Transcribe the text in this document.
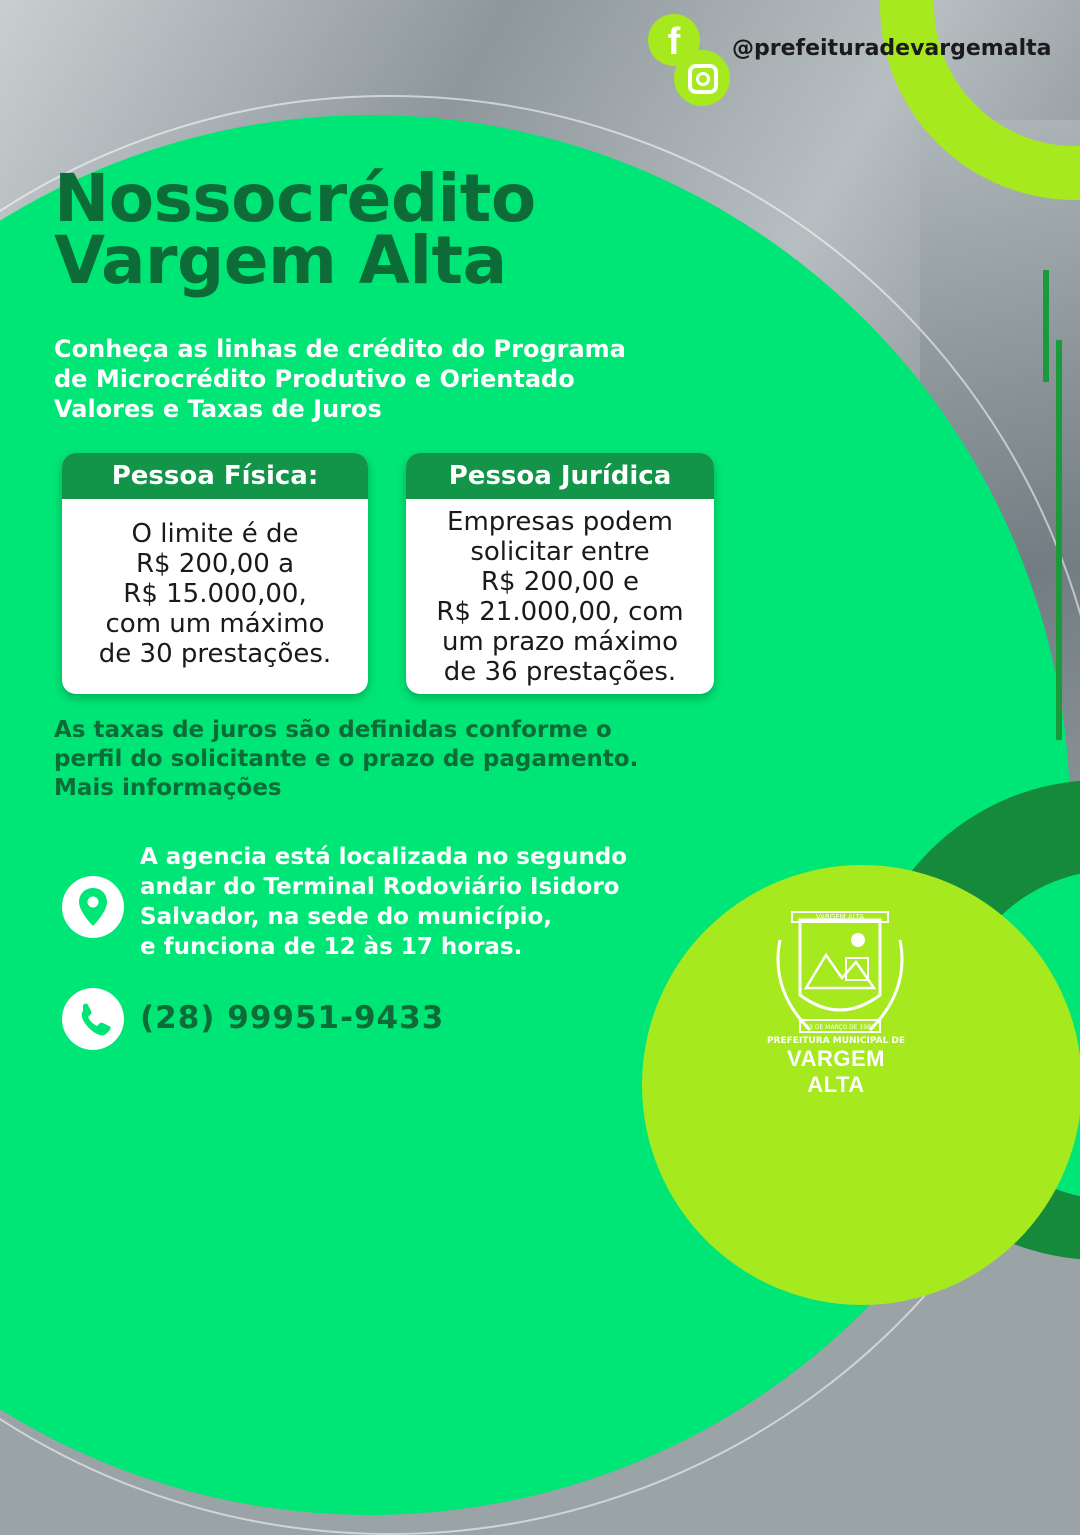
f	@prefeituradevargemalta
Nossocrédito
Vargem Alta

Conheça as linhas de crédito do Programa
de Microcrédito Produtivo e Orientado
Valores e Taxas de Juros

Pessoa Física:
O limite é de
R$ 200,00 a
R$ 15.000,00,
com um máximo
de 30 prestações.
Pessoa Jurídica
Empresas podem
solicitar entre
R$ 200,00 e
R$ 21.000,00, com
um prazo máximo
de 36 prestações.

As taxas de juros são definidas conforme o
perfil do solicitante e o prazo de pagamento.
Mais informações

A agencia está localizada no segundo
andar do Terminal Rodoviário Isidoro
Salvador, na sede do município,
e funciona de 12 às 17 horas.

(28) 99951-9433
VARGEM ALTA
23 DE MARÇO DE 1988
PREFEITURA MUNICIPAL DE
VARGEM ALTA
